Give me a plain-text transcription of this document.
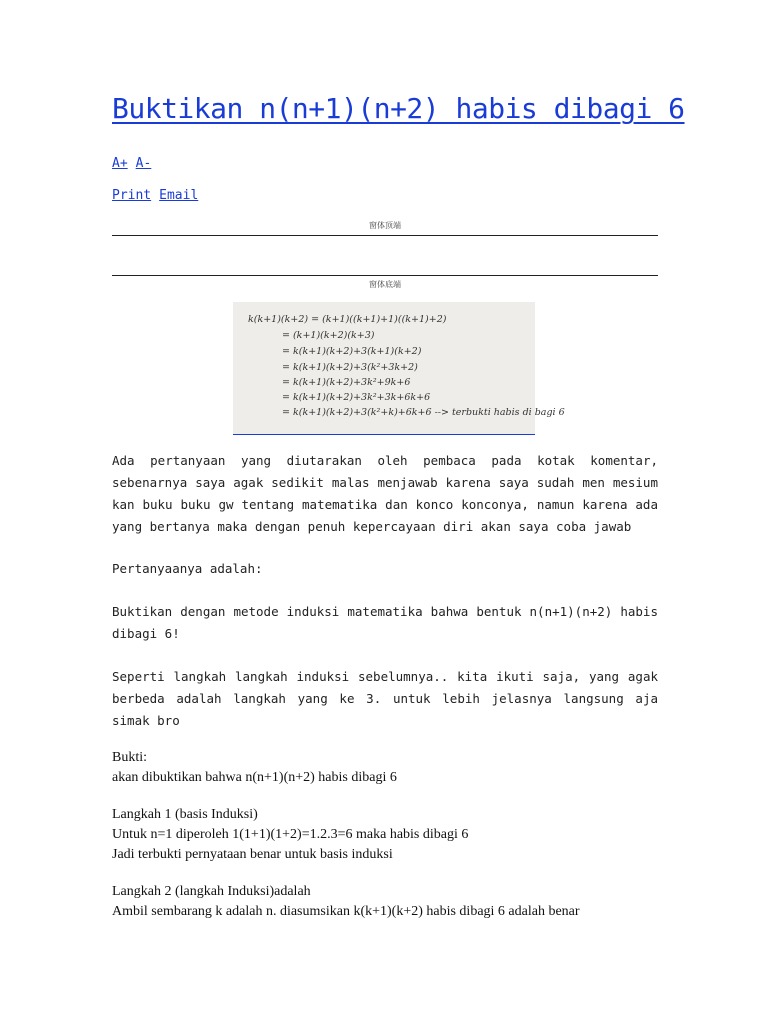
Buktikan n(n+1)(n+2) habis dibagi 6
A+ A-
Print Email
窗体顶端
窗体底端
k(k+1)(k+2) = (k+1)((k+1)+1)((k+1)+2)
= (k+1)(k+2)(k+3)
= k(k+1)(k+2)+3(k+1)(k+2)
= k(k+1)(k+2)+3(k²+3k+2)
= k(k+1)(k+2)+3k²+9k+6
= k(k+1)(k+2)+3k²+3k+6k+6
= k(k+1)(k+2)+3(k²+k)+6k+6 --> terbukti habis di bagi 6

Ada pertanyaan yang diutarakan oleh pembaca pada kotak komentar, sebenarnya saya agak sedikit malas menjawab karena saya sudah men mesium kan buku buku gw tentang matematika dan konco konconya, namun karena ada yang bertanya maka dengan penuh kepercayaan diri akan saya coba jawab

Pertanyaanya adalah:

Buktikan dengan metode induksi matematika bahwa bentuk n(n+1)(n+2) habis dibagi 6!

Seperti langkah langkah induksi sebelumnya.. kita ikuti saja, yang agak berbeda adalah langkah yang ke 3. untuk lebih jelasnya langsung aja simak bro

Bukti:
akan dibuktikan bahwa n(n+1)(n+2) habis dibagi 6
Langkah 1 (basis Induksi)
Untuk n=1 diperoleh 1(1+1)(1+2)=1.2.3=6 maka habis dibagi 6
Jadi terbukti pernyataan benar untuk basis induksi
Langkah 2 (langkah Induksi)adalah
Ambil sembarang k adalah n. diasumsikan k(k+1)(k+2) habis dibagi 6 adalah benar
